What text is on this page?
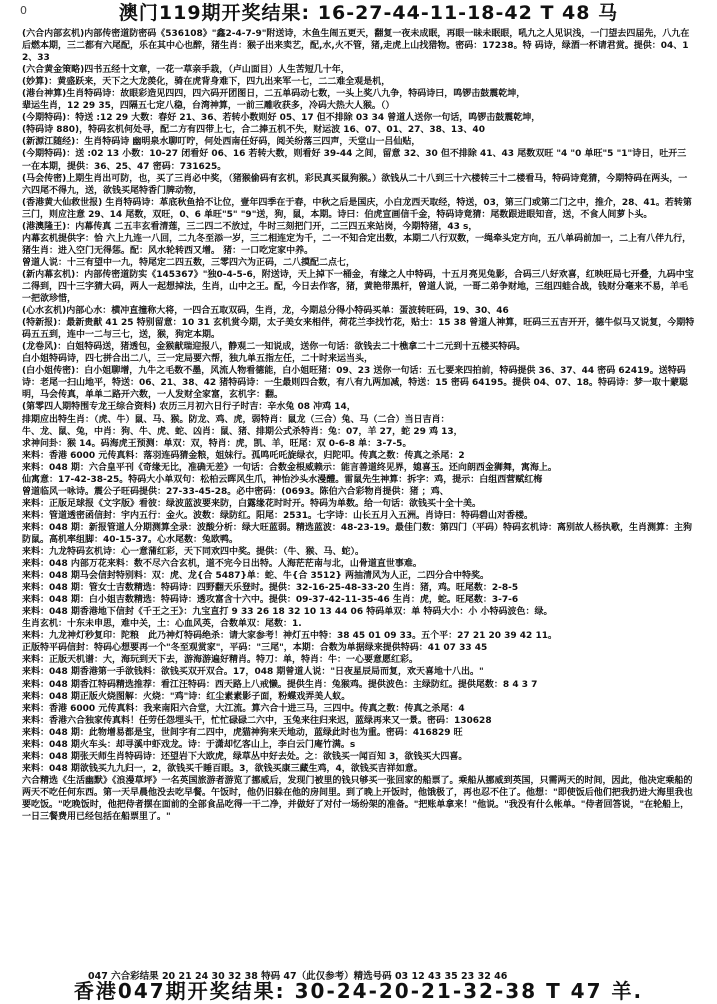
0	澳门119期开奖结果: 16-27-44-11-18-42 T 48 马

(六合内部玄机)内部传密道防密码《536108》"鑫2-4-7-9"附送诗，木鱼生闹五更天，翻复一夜未成眠，再眼一昧未眠眼，吼九之人见识浅，一门望去四届先，八九在后燃本期，三二都有六尾配，乐在其中心也醉，猪生肖：猴子出来卖艺，配,水,火不管，猪,走虎上山找猎物。密码：17238。特 码诗，绿酒一杯请君赏。提供：04、12、33

(六合黄金策略)四书五经十文章，一花一草亲手栽，（卢山面目）人生苦短几十年，

(妙算)：黄盛跃来，天下之大龙羡化，骑在虎背身难下，四九出来军一七，二二难全观是机，

(港台神算)生肖特码诗：故眼彩造见四四，四六码开团图日，二五单码动七数，一头上奖八九争，特码诗曰，鸣锣击鼓震乾坤，

辈运生肖，12 29 35，四隔五七定八稳，台湾神算，一前三雕收获多，冷码大热大人猴。（）

(今期特码)：特送 :12 29 大数：春好 21、36、若转小数则好 05、17 但不排除 03 34 曾道人送你一句话，鸣锣击鼓震乾坤，

(特码诗 880)，特码玄机何处寻，配二方有四带上七，合二捧五机不失，财运波 16、07、01、27、38、13、40

(新源江随经)：生肖特码诗 幽明泉水聊叮咛，何处西南任好码，阅关纷落三四声，天堂山一吕仙贴，

(今期特码)：送 :02 13 小数：10-27 闭看好 06、16 若转大数，则看好 39-44 之间，留意 32、30 但不排除 41、43 尾数双旺 "4 "0 单旺"5 "1"诗日，吐开三一在本期，提供：36、25、47 密码：731625。

(马会传密)上期生肖出可防，也，买了三肖必中奖，（猪猴偷码有玄机，彩民真买鼠狗猴。）欲钱从二十八到三十六楼转三十二楼看马，特码诗竟猜，今期特码在两头，一六四尾不得九，送，欲钱买尾特香门脾动物，

(香港黄大仙救世报) 生肖特码诗：革底秋鱼拾不让位，壹年四季在于春，中秋之后是国庆，小白龙西天取经，特送，03，第三门或第二门之中，推介，28、41。若转第三门，则应注意 29、14 尾数，双旺，0、6 单旺"5" "9"送，狗，鼠，本期。诗曰：伯虎宣画信千金，特码诗竟猜：尾数跟进眼知音，送，不食人间萝卜头。

(港澳隆王)：内幕传真 二五丰玄看清莲，三二四二不放过，牛时三刻把门开，二三四五来站岗，今期特猪，43 s，

内幕玄机提供字：恰 六上九连一八回，二九冬至添一岁，三二相连定为千，二一不知合定出数，本期二八行双数，一绳牵头定方向，五八单码前加一，二上有八伴九行，猪生肖：进入空门无得惩。配：风水轮转西又增。 猪：一口吃定家中养。

曾道人说：十三有望中一九，特尾定二四五数，三零四六为正码，二八摸配二点七，

(新内幕玄机)：内部传密道防实《145367》"独0-4-5-6，附送诗，天上掉下一桶金，有缘之人中特码，十五月亮见兔影，合码三八好欢喜，红映旺局七开叠，九码中宝二得到，四十三字猜大码，两人一起想掉法，生肖，山中之王。配，今日去作客，猪，黄艳带黑杆，曾道人说，一哥二弟争财地，三组四蛙合战，钱财分毫来不易，羊毛一把欲珍惜，

(心水玄机)内部心水：横冲直撞称大将，一四合五取双码，生肖，龙，今期总分得小特码买单：蛋波转旺码，19、30、46

(特新报)：最新贵献 41 25 特别留意：10 31 玄机赏今期，太子美女来相伴，荷花兰李找竹花，贴士：15 38 曾道人神算，旺码三五吉开开，德牛似马又说复，今期特码五五到，连中一二与三七，送，猴，狗定本期。

(龙卷风)：白姐特码送，猪透包，金猴献瑞迎报八，静观二一知说成，送你一句话：欲钱去二十樵拿二十二元到十五楼买特码。

白小姐特码诗，四七拼合出二八，三一定局要六帮，独九单五指左任，二十时来运当头，

(白小姐传密)：白小姐聊增，九牛之毛数不墨，风流人物看德能，白小姐旺猪：09、23 送你一句话：五七要来四拍前，特码提供 36、37、44 密码 62419。送特码诗：老尾一扫山地平，特送：06、21、38、42 猪特码诗：一生最则四合数，有八有九两加减，特送：15 密码 64195。提供 04、07、18。特码诗：梦一取十蒙聪明，马会传真，单单二路开六数，一人发财全家富，玄机字：翻。

(第零四人期特围专龙王综合资料) 农历三月初六日行子时吉：辛水兔 08 冲鸡 14，

排期应出特生肖：（虎、牛）鼠、马、猴。防龙、鸡、虎，弱特肖：鼠龙（三合）兔、马（二合）当日吉肖：

牛、龙、鼠、兔，中肖：狗、牛、虎、蛇、凶肖：鼠、猪、排期公式杀特肖：兔：07，羊 27，蛇 29 鸡 13，

求神问卦：猴 14。码海虎王预测：单双：双，特肖：虎，凯、羊，旺尾：双 0-6-8 单：3-7-5。

来料：香港 6000 元传真料：落羽连码猜金粮，姐妹行。孤鸣吒吒旋绿衣，归陀叩。传真之数：传真之杀尾：2

来料：048 期：六合皇平刊《奇缘无比，准确无差》一句话：合数金根威赖示：能言善道终见界，媳喜玉。还向朗西金狮舞，寓海上。

仙寓意：17-42-38-25。特码大小单双句：松柏云晖风生爪，神怡沙头水漫醴。雷鼠先生神算：拆字：鸡，提示：白组西营赋红梅

曾道临风一咏诗。震公子旺码提供：27-33-45-28。必中密码：(0693。陈伯六合彩物肖提供：猪 ；鸡、

来料：正版足球报《文字版》看彼：绿波蓝波要来防，白露缘花时时开。特码为单数。给一句话：欲钱买十全十美。

来料：管道透密函信封：宇内五行：金火。波数：绿防红。阳尾：2531。七字诗：山长五月入五洲。肖诗曰：特码碧山对香楼。

来料：048 期：新报管道人分期测算全录：波酸分析：绿大旺蓝弱。精选蓝波：48-23-19。最佳门数：第四门（平码）特码玄机诗：离别故人杨执歌，生肖测算：主狗防鼠。高机率组脚：40-15-37。心水尾数：兔欧鸭。

来料：九龙特码玄机诗：心一意蒲红彩，天下同欢四中奖。提供：（牛、猴、马、蛇）。

来料：048 内部万花来料：数不尽六合玄机，道不完今日出特。人海茫茫南与北，山骨道直世事难。

来料：048 期马会信封特别料：双：虎、龙{合 5487}单：蛇、牛{合 3512} 两抽清风为人正，二四分合中特奖。

来料：048 期：管女士吉数精选：特码诗：四野翻天乐登时。提供：32-16-25-48-33-20 生肖：猪，鸡。旺尾数：2-8-5

来料：048 期：白小姐吉数精选：特码诗：透攻富含十六中。提供：09-37-42-11-35-46 生肖：虎，蛇。旺尾数：3-7-6

来料：048 期香港地下信封《千王之王》：九宝直打 9 33 26 18 32 10 13 44 06 特码单双：单 特码大小：小 小特码波色：绿。

生肖玄机：十东未申思，难中关，土：心血风英，合数单双：尾数：1.

来料：九龙神灯秒复印：陀粮　此乃神灯特码绝杀：请大家参考！神灯五中特：38 45 01 09 33。五个平：27 21 20 39 42 11。

正版特平码信封：特码心想要再一个"冬至观赏家"，平码："三尾"，本期：合数为单据绿来提供特码：41 07 33 45

来料：正版天机谱：大，海玩到天下去，游海游遍好精肖。特刀：单，特肖：牛：一心要意愿红彩。

来料：048 期香港第一手欲钱料：欲钱买双开双合。17，048 期曾道人说："日夜星辰局而复，欢天喜地十八出。"

来料：048 期香江特码精选推荐：看江汪特码：西天路上八戒懒。提供生肖：兔猴鸡。提供波色：主绿防红。提供尾数：8 4 3 7

来料：048 期正版火烧图解：火烧："鸡"诗：红尘素素影子面，粉蝶戏弄美人蚁。

来料：香港 6000 元传真料：我来南阳六合堂，大江流。算六合十进三马，三四中。传真之数：传真之杀尾：4

来料：香港六合独家传真料！任劳任怨埋头干，忙忙碌碌二六中，玉兔来往归来迟，蓝绿再来又一景。密码：130628

来料：048 期：此物增易都是宝，世间字有二四中，虎猫神狗来天地动，蓝绿此时也为重。密码：416829 旺

来料：048 期火车头：却寻溪中虾戏龙。诗：于潇却忆客山上，李白云门庵竹满。s

来料：048 期张天师生肖特码诗：还望岩下大欧虎，绿草丛中好去处。之：欲钱买一闻百知 3，欲钱买大四喜。

来料：048 期欲钱买九九归一，2，欲钱买千睡百眼。3，欲钱买康三藏生鸡，4，欲钱买吉祥如意。

六合精选《生活幽默》《浪漫草坪》一名英国旅游者游览了挪威后，发现门被里的钱只够买一张回家的船票了。乘船从挪威到英国，只需两天的时间，因此，他决定乘船的两天不吃任何东西。第一天早晨他没去吃早餐。午饭时，他仍旧躲在他的房间里。到了晚上开饭时，他饿极了，再也忍不住了。他想："即使饭后他们把我扔进大海里我也要吃饭。"吃晚饭时，他把侍者摆在面前的全部食品吃得一干二净，并做好了对付一场纷架的准备。"把账单拿来！"他说。"我没有什么帐单。"侍者回答说，"在轮船上，一日三餐费用已经包括在船票里了。"

047 六合彩结果 20 21 24 30 32 38 特码 47（此仅参考）精选号码 03 12 43 35 23 32 46
香港047期开奖结果: 30-24-20-21-32-38 T 47 羊.
